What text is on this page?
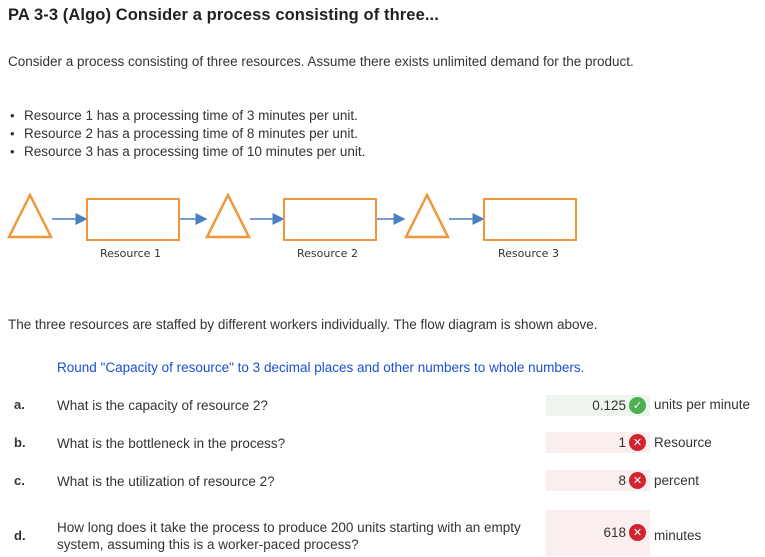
PA 3-3 (Algo) Consider a process consisting of three...
Consider a process consisting of three resources. Assume there exists unlimited demand for the product.
• Resource 1 has a processing time of 3 minutes per unit.
• Resource 2 has a processing time of 8 minutes per unit.
• Resource 3 has a processing time of 10 minutes per unit.
Resource 1	Resource 2	Resource 3
The three resources are staffed by different workers individually. The flow diagram is shown above.
Round "Capacity of resource" to 3 decimal places and other numbers to whole numbers.
a. What is the capacity of resource 2?	0.125 ✓ units per minute
b. What is the bottleneck in the process?	1 ✕ Resource
c. What is the utilization of resource 2?	8 ✕ percent
d.
How long does it take the process to produce 200 units starting with an empty system, assuming this is a worker-paced process?
618 ✕ minutes
